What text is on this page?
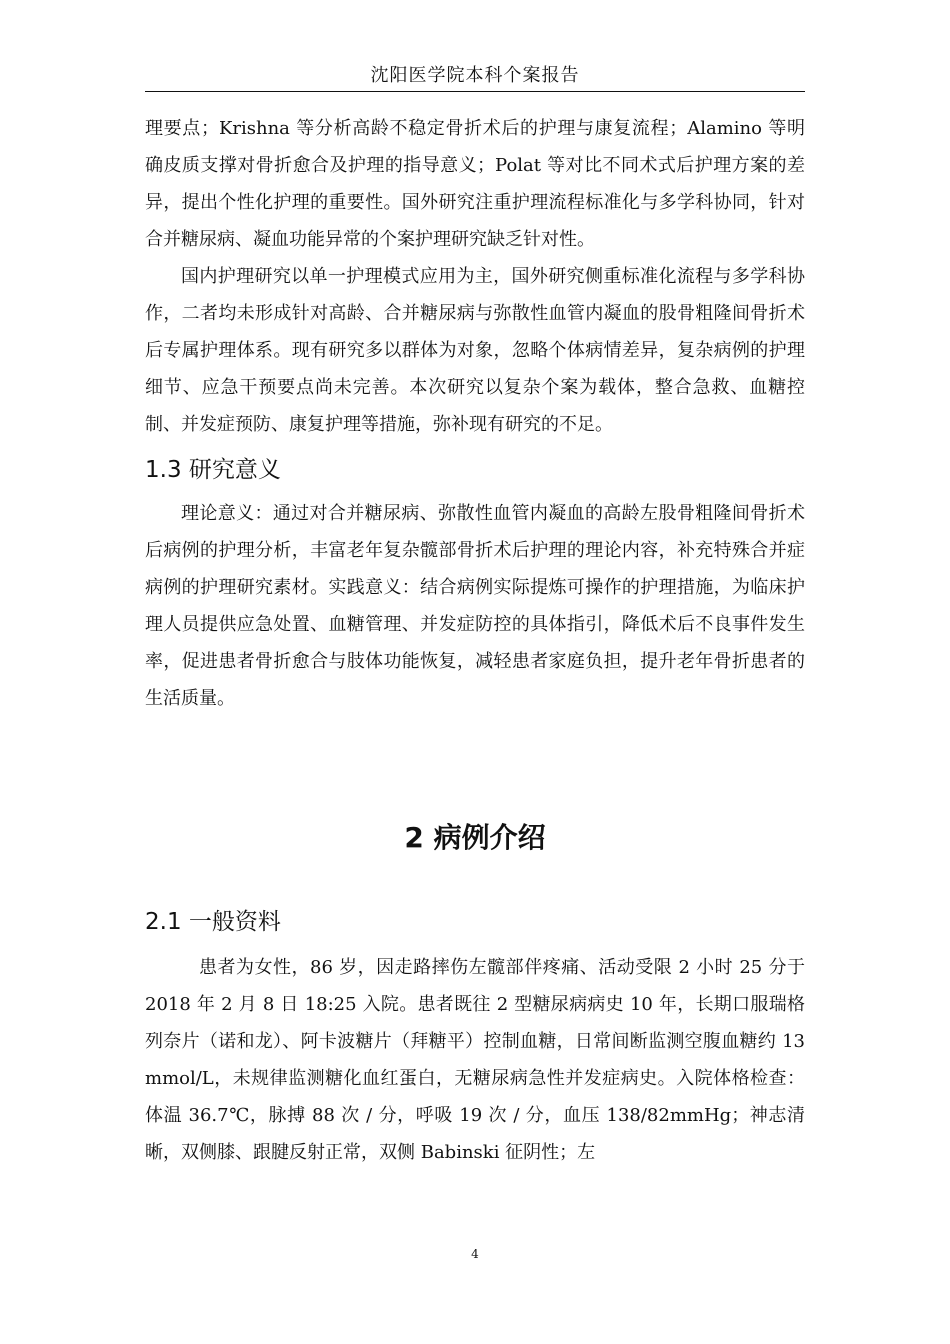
沈阳医学院本科个案报告

理要点；Krishna 等分析高龄不稳定骨折术后的护理与康复流程；Alamino 等明确皮质支撑对骨折愈合及护理的指导意义；Polat 等对比不同术式后护理方案的差异，提出个性化护理的重要性。国外研究注重护理流程标准化与多学科协同，针对合并糖尿病、凝血功能异常的个案护理研究缺乏针对性。

国内护理研究以单一护理模式应用为主，国外研究侧重标准化流程与多学科协作，二者均未形成针对高龄、合并糖尿病与弥散性血管内凝血的股骨粗隆间骨折术后专属护理体系。现有研究多以群体为对象，忽略个体病情差异，复杂病例的护理细节、应急干预要点尚未完善。本次研究以复杂个案为载体，整合急救、血糖控制、并发症预防、康复护理等措施，弥补现有研究的不足。

1.3 研究意义

理论意义：通过对合并糖尿病、弥散性血管内凝血的高龄左股骨粗隆间骨折术后病例的护理分析，丰富老年复杂髋部骨折术后护理的理论内容，补充特殊合并症病例的护理研究素材。实践意义：结合病例实际提炼可操作的护理措施，为临床护理人员提供应急处置、血糖管理、并发症防控的具体指引，降低术后不良事件发生率，促进患者骨折愈合与肢体功能恢复，减轻患者家庭负担，提升老年骨折患者的生活质量。

2 病例介绍
2.1 一般资料

患者为女性，86 岁，因走路摔伤左髋部伴疼痛、活动受限 2 小时 25 分于 2018 年 2 月 8 日 18:25 入院。患者既往 2 型糖尿病病史 10 年，长期口服瑞格列奈片（诺和龙）、阿卡波糖片（拜糖平）控制血糖，日常间断监测空腹血糖约 13mmol/L，未规律监测糖化血红蛋白，无糖尿病急性并发症病史。入院体格检查：体温 36.7℃，脉搏 88 次 / 分，呼吸 19 次 / 分，血压 138/82mmHg；神志清晰，双侧膝、跟腱反射正常，双侧 Babinski 征阴性；左

4
